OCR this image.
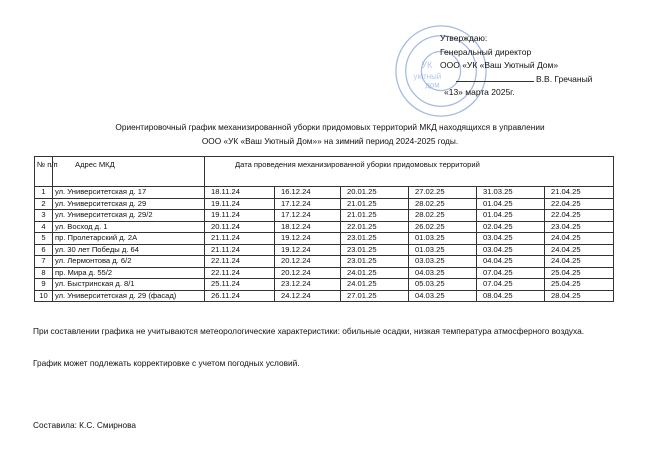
УК
уютный
дом
Утверждаю:
Генеральный директор
ООО «УК «Ваш Уютный Дом»
В.В. Гречаный
«13» марта 2025г.
Ориентировочный график механизированной уборки придомовых территорий МКД находящихся в управлении
ООО «УК «Ваш Уютный Дом»» на зимний период 2024-2025 годы.
№ п/п	Адрес МКД	Дата проведения механизированной уборки придомовых территорий					
1	ул. Университетская д. 17	18.11.24	16.12.24	20.01.25	27.02.25	31.03.25	21.04.25
2	ул. Университетская д. 29	19.11.24	17.12.24	21.01.25	28.02.25	01.04.25	22.04.25
3	ул. Университетская д. 29/2	19.11.24	17.12.24	21.01.25	28.02.25	01.04.25	22.04.25
4	ул. Восход д. 1	20.11.24	18.12.24	22.01.25	26.02.25	02.04.25	23.04.25
5	пр. Пролетарский д. 2А	21.11.24	19.12.24	23.01.25	01.03.25	03.04.25	24.04.25
6	ул. 30 лет Победы д. 64	21.11.24	19.12.24	23.01.25	01.03.25	03.04.25	24.04.25
7	ул. Лермонтова д. 6/2	22.11.24	20.12.24	23.01.25	03.03.25	04.04.25	24.04.25
8	пр. Мира д. 55/2	22.11.24	20.12.24	24.01.25	04.03.25	07.04.25	25.04.25
9	ул. Быстринская д. 8/1	25.11.24	23.12.24	24.01.25	05.03.25	07.04.25	25.04.25
10	ул. Университетская д. 29 (фасад)	26.11.24	24.12.24	27.01.25	04.03.25	08.04.25	28.04.25
При составлении графика не учитываются метеорологические характеристики: обильные осадки, низкая температура атмосферного воздуха.
График может подлежать корректировке с учетом погодных условий.
Составила: К.С. Смирнова
